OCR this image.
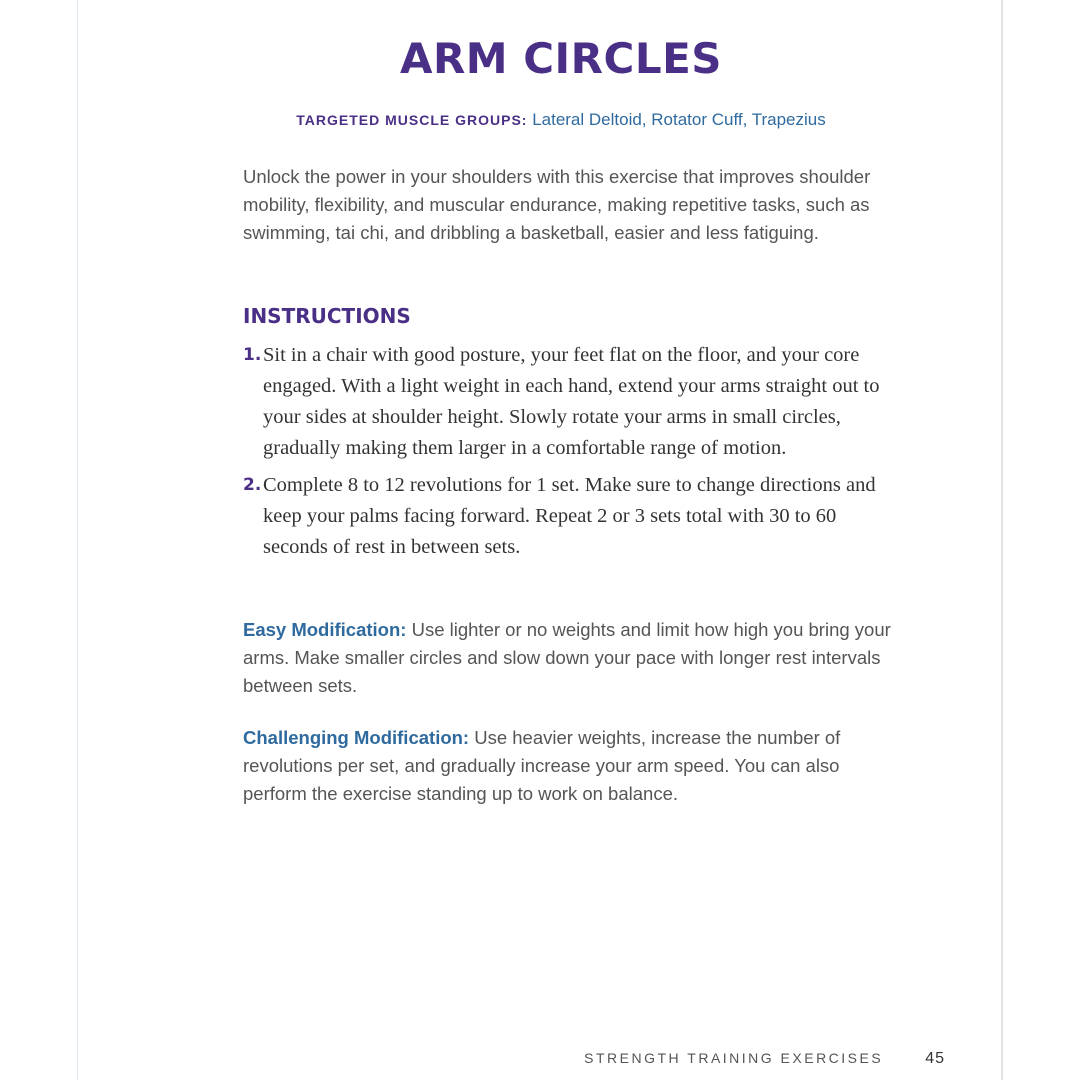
ARM CIRCLES
TARGETED MUSCLE GROUPS: Lateral Deltoid, Rotator Cuff, Trapezius

Unlock the power in your shoulders with this exercise that improves shoulder mobility, flexibility, and muscular endurance, making repetitive tasks, such as swimming, tai chi, and dribbling a basketball, easier and less fatiguing.

INSTRUCTIONS
1. Sit in a chair with good posture, your feet flat on the floor, and your core engaged. With a light weight in each hand, extend your arms straight out to your sides at shoulder height. Slowly rotate your arms in small circles, gradually making them larger in a comfortable range of motion.
2. Complete 8 to 12 revolutions for 1 set. Make sure to change directions and keep your palms facing forward. Repeat 2 or 3 sets total with 30 to 60 seconds of rest in between sets.

Easy Modification: Use lighter or no weights and limit how high you bring your arms. Make smaller circles and slow down your pace with longer rest intervals between sets.

Challenging Modification: Use heavier weights, increase the number of revolutions per set, and gradually increase your arm speed. You can also perform the exercise standing up to work on balance.

STRENGTH TRAINING EXERCISES	45
